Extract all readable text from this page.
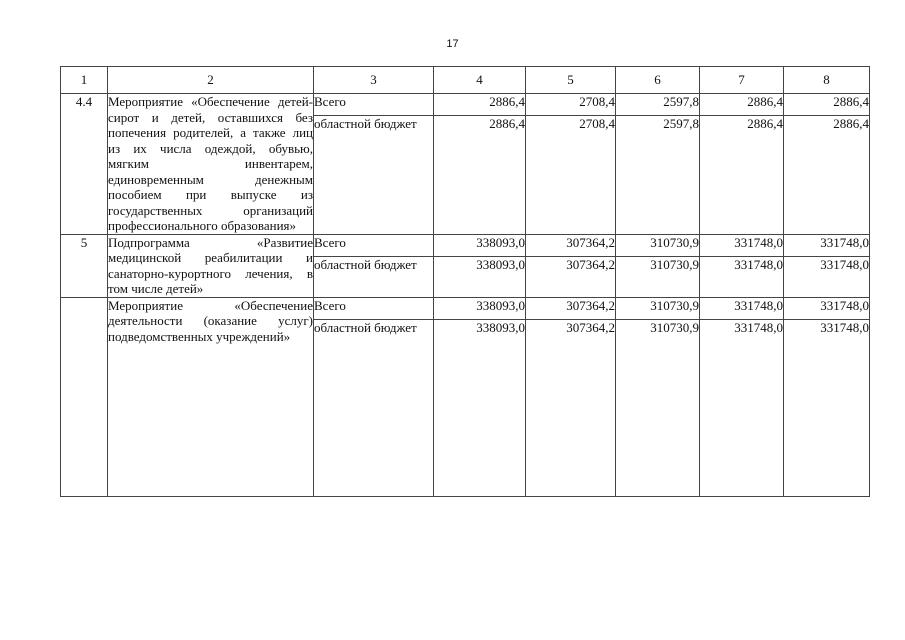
17
1	2	3	4	5	6	7	8
4.4	Мероприятие «Обеспечение детей-сирот и детей, оставшихся без попечения родителей, а также лиц из их числа одеждой, обувью, мягким инвентарем, единовременным денежным пособием при выпуске из государственных организаций профессионального образования»	Всего	2886,4	2708,4	2597,8	2886,4	2886,4
		областной бюджет	2886,4	2708,4	2597,8	2886,4	2886,4
5	Подпрограмма «Развитие медицинской реабилитации и санаторно-курортного лечения, в том числе детей»	Всего	338093,0	307364,2	310730,9	331748,0	331748,0
		областной бюджет	338093,0	307364,2	310730,9	331748,0	331748,0
	Мероприятие «Обеспечение деятельности (оказание услуг) подведомственных учреждений»	Всего	338093,0	307364,2	310730,9	331748,0	331748,0
		областной бюджет	338093,0	307364,2	310730,9	331748,0	331748,0
